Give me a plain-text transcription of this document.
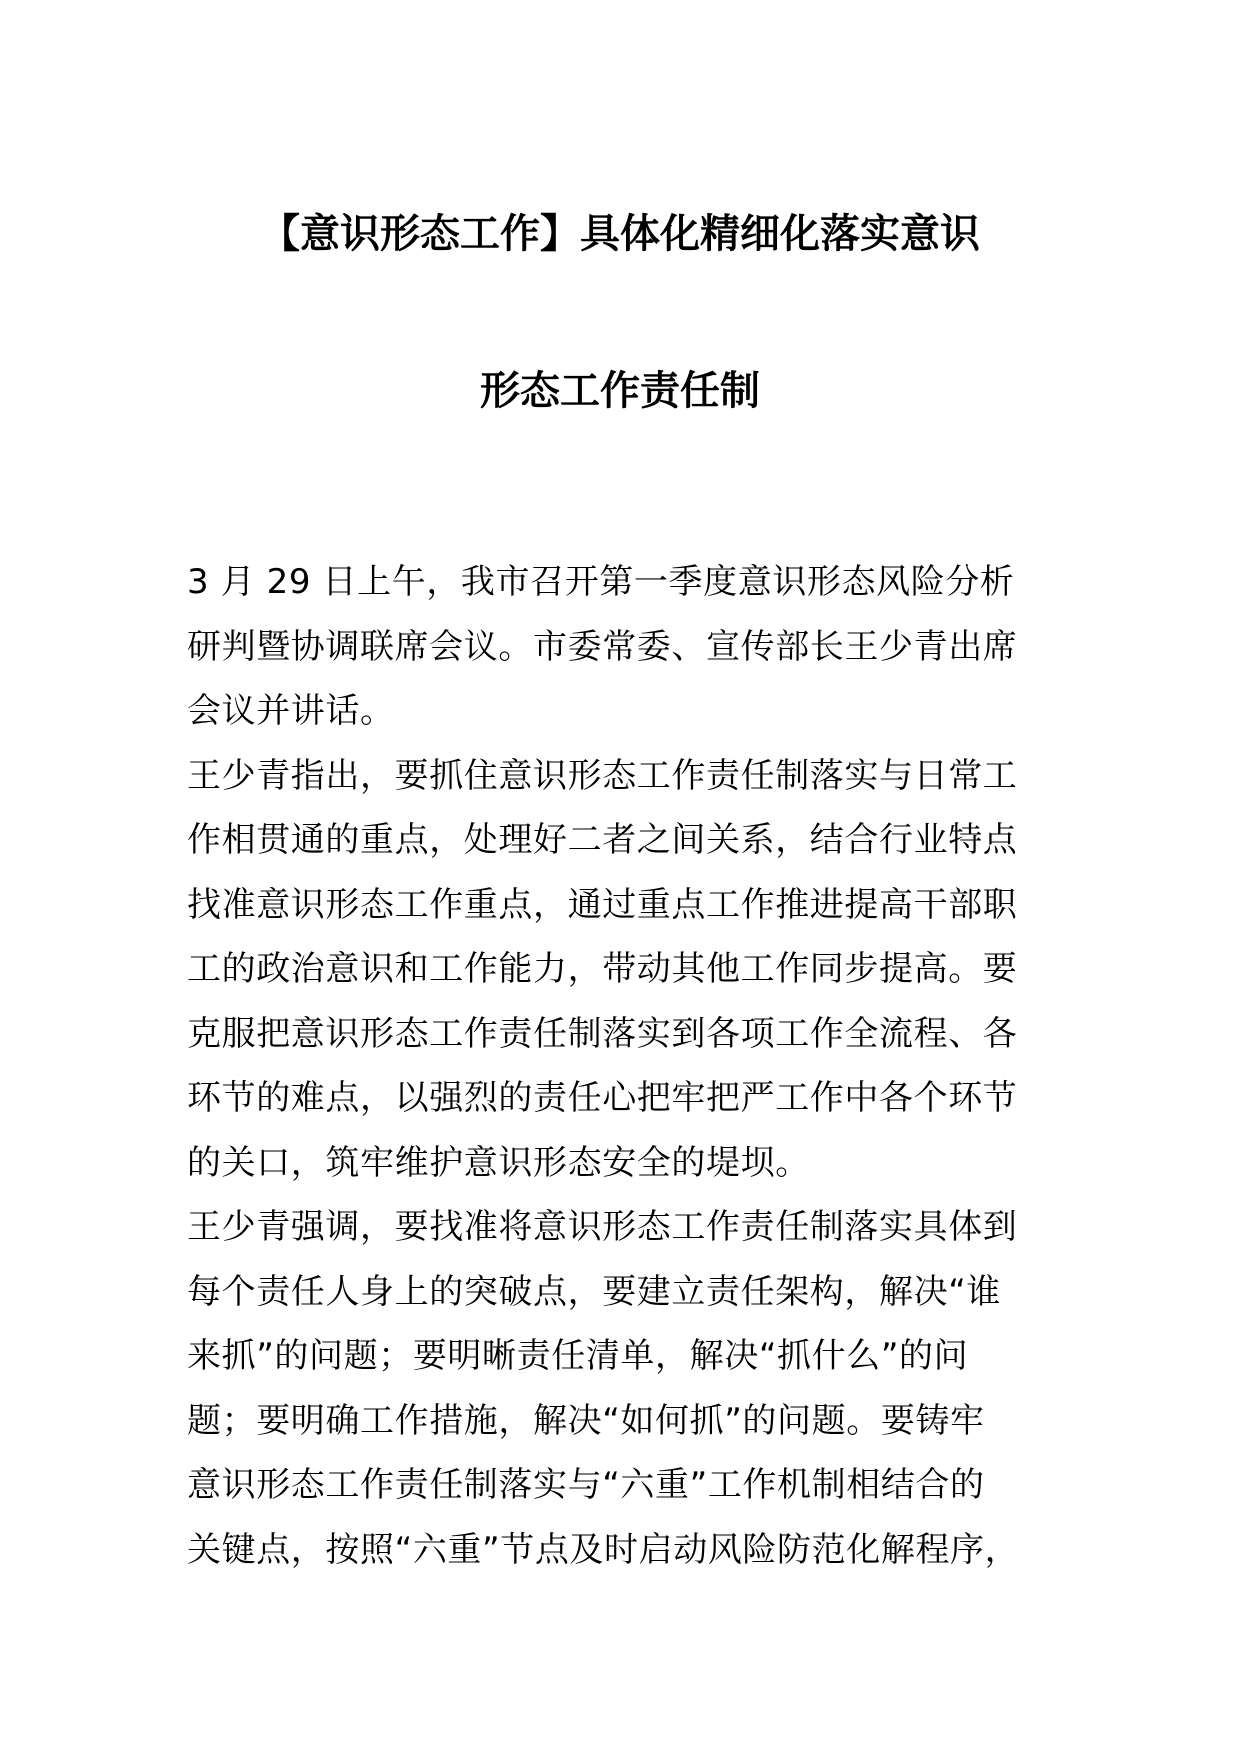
【意识形态工作】具体化精细化落实意识
形态工作责任制
3 月 29 日上午，我市召开第一季度意识形态风险分析
研判暨协调联席会议。市委常委、宣传部长王少青出席
会议并讲话。
王少青指出，要抓住意识形态工作责任制落实与日常工
作相贯通的重点，处理好二者之间关系，结合行业特点
找准意识形态工作重点，通过重点工作推进提高干部职
工的政治意识和工作能力，带动其他工作同步提高。要
克服把意识形态工作责任制落实到各项工作全流程、各
环节的难点，以强烈的责任心把牢把严工作中各个环节
的关口，筑牢维护意识形态安全的堤坝。
王少青强调，要找准将意识形态工作责任制落实具体到
每个责任人身上的突破点，要建立责任架构，解决“谁
来抓”的问题；要明晰责任清单，解决“抓什么”的问
题；要明确工作措施，解决“如何抓”的问题。要铸牢
意识形态工作责任制落实与“六重”工作机制相结合的
关键点，按照“六重”节点及时启动风险防范化解程序，
